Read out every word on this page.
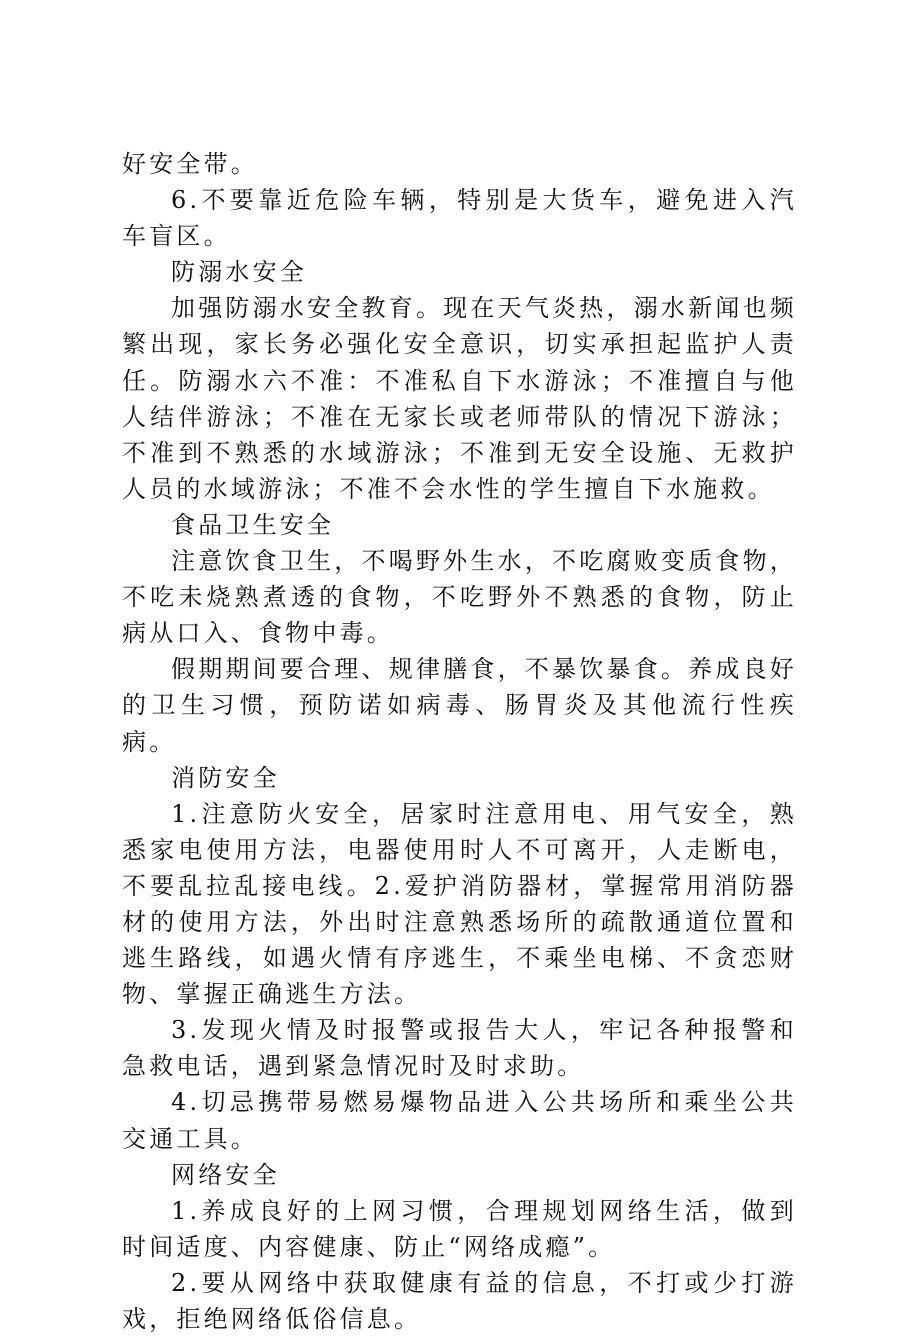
好安全带。

6.不要靠近危险车辆，特别是大货车，避免进入汽车盲区。

防溺水安全

加强防溺水安全教育。现在天气炎热，溺水新闻也频繁出现，家长务必强化安全意识，切实承担起监护人责任。防溺水六不准：不准私自下水游泳；不准擅自与他人结伴游泳；不准在无家长或老师带队的情况下游泳；不准到不熟悉的水域游泳；不准到无安全设施、无救护人员的水域游泳；不准不会水性的学生擅自下水施救。

食品卫生安全

注意饮食卫生，不喝野外生水，不吃腐败变质食物，不吃未烧熟煮透的食物，不吃野外不熟悉的食物，防止病从口入、食物中毒。

假期期间要合理、规律膳食，不暴饮暴食。养成良好的卫生习惯，预防诺如病毒、肠胃炎及其他流行性疾病。

消防安全

1.注意防火安全，居家时注意用电、用气安全，熟悉家电使用方法，电器使用时人不可离开，人走断电，不要乱拉乱接电线。2.爱护消防器材，掌握常用消防器材的使用方法，外出时注意熟悉场所的疏散通道位置和逃生路线，如遇火情有序逃生，不乘坐电梯、不贪恋财物、掌握正确逃生方法。

3.发现火情及时报警或报告大人，牢记各种报警和急救电话，遇到紧急情况时及时求助。

4.切忌携带易燃易爆物品进入公共场所和乘坐公共交通工具。

网络安全

1.养成良好的上网习惯，合理规划网络生活，做到时间适度、内容健康、防止“网络成瘾”。

2.要从网络中获取健康有益的信息，不打或少打游戏，拒绝网络低俗信息。
